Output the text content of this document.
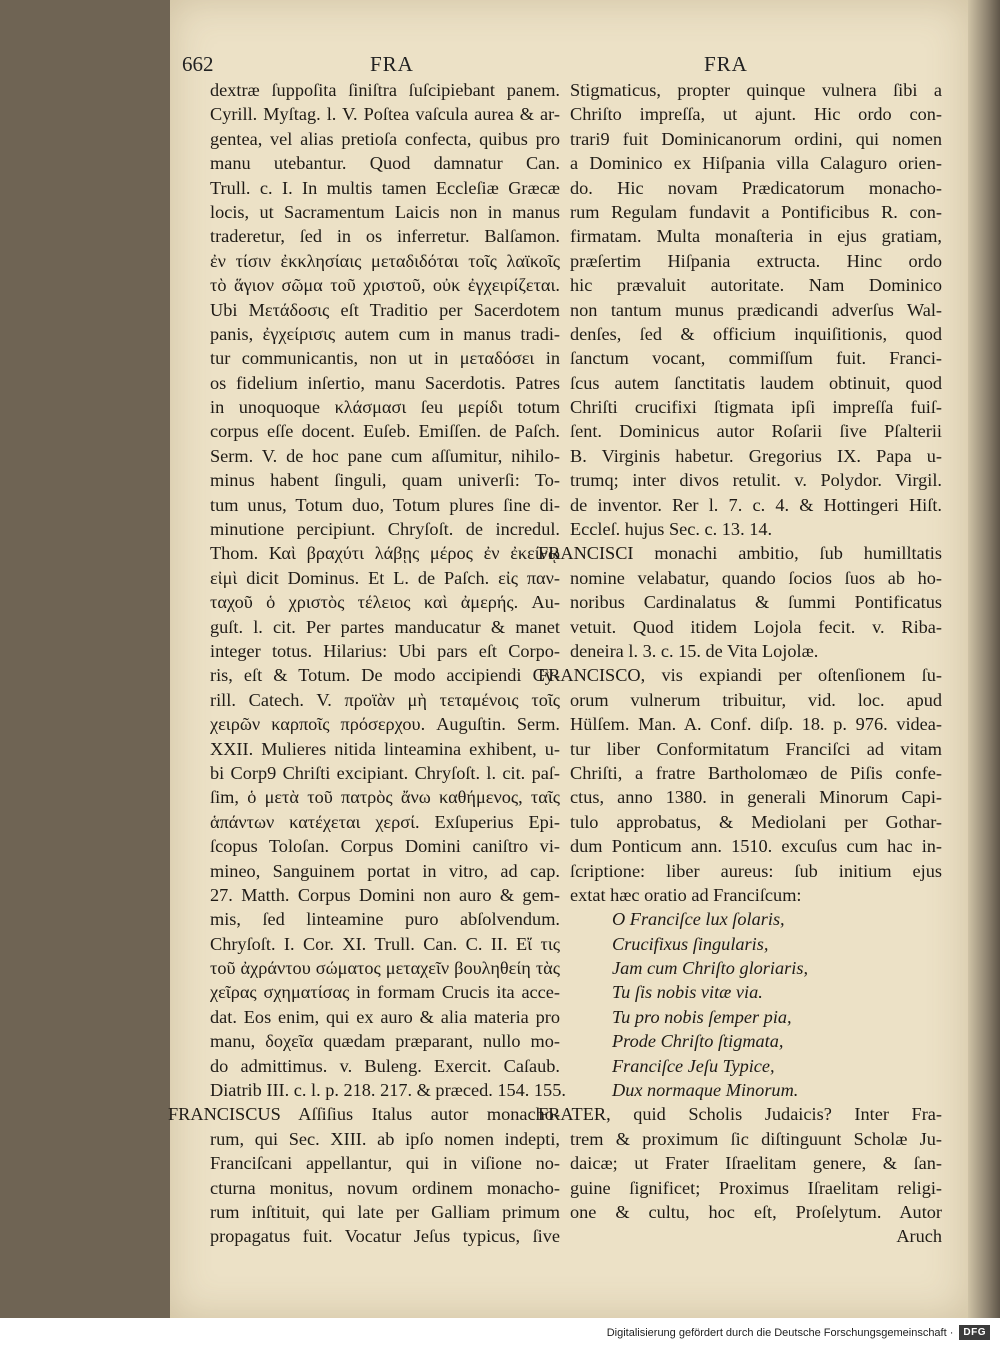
662	FRA	FRA
dextræ ſuppoſita ſiniſtra ſuſcipiebant panem.
Cyrill. Myſtag. l. V. Poſtea vaſcula aurea & ar-
gentea, vel alias pretioſa confecta, quibus pro
manu utebantur. Quod damnatur Can.
Trull. c. I. In multis tamen Eccleſiæ Græcæ
locis, ut Sacramentum Laicis non in manus
traderetur, ſed in os inferretur. Balſamon.
ἐν τίσιν ἐκκλησίαις μεταδιδόται τοῖς λαϊκοῖς
τὸ ἅγιον σῶμα τοῦ χριστοῦ, οὐκ ἐγχειρίζεται.
Ubi Μετάδοσις eſt Traditio per Sacerdotem
panis, ἐγχείρισις autem cum in manus tradi-
tur communicantis, non ut in μεταδόσει in
os fidelium inſertio, manu Sacerdotis. Patres
in unoquoque κλάσμασι ſeu μερίδι totum
corpus eſſe docent. Euſeb. Emiſſen. de Paſch.
Serm. V. de hoc pane cum aſſumitur, nihilo-
minus habent ſinguli, quam univerſi: To-
tum unus, Totum duo, Totum plures ſine di-
minutione percipiunt. Chryſoſt. de incredul.
Thom. Καὶ βραχύτι λάβῃς μέρος ἐν ἐκείνῳ
εἰμὶ dicit Dominus. Et L. de Paſch. εἰς παν-
ταχοῦ ὁ χριστὸς τέλειος καὶ ἀμερής. Au-
guſt. l. cit. Per partes manducatur & manet
integer totus. Hilarius: Ubi pars eſt Corpo-
ris, eſt & Totum. De modo accipiendi Cy-
rill. Catech. V. προϊὰν μὴ τεταμένοις τοῖς
χειρῶν καρποῖς πρόσερχου. Auguſtin. Serm.
XXII. Mulieres nitida linteamina exhibent, u-
bi Corp9 Chriſti excipiant. Chryſoſt. l. cit. paſ-
ſim, ὁ μετὰ τοῦ πατρὸς ἄνω καθήμενος, ταῖς
ἁπάντων κατέχεται χερσί. Exſuperius Epi-
ſcopus Toloſan. Corpus Domini caniſtro vi-
mineo, Sanguinem portat in vitro, ad cap.
27. Matth. Corpus Domini non auro & gem-
mis, ſed linteamine puro abſolvendum.
Chryſoſt. I. Cor. XI. Trull. Can. C. II. Εἴ τις
τοῦ ἀχράντου σώματος μεταχεῖν βουληθείη τὰς
χεῖρας σχηματίσας in formam Crucis ita acce-
dat. Eos enim, qui ex auro & alia materia pro
manu, δοχεῖα quædam præparant, nullo mo-
do admittimus. v. Buleng. Exercit. Caſaub.
Diatrib III. c. l. p. 218. 217. & præced. 154. 155.
FRANCISCUS Aſſiſius Italus autor monacho-
rum, qui Sec. XIII. ab ipſo nomen indepti,
Franciſcani appellantur, qui in viſione no-
cturna monitus, novum ordinem monacho-
rum inſtituit, qui late per Galliam primum
propagatus fuit. Vocatur Jeſus typicus, ſive
Stigmaticus, propter quinque vulnera ſibi a
Chriſto impreſſa, ut ajunt. Hic ordo con-
trari9 fuit Dominicanorum ordini, qui nomen
a Dominico ex Hiſpania villa Calaguro orien-
do. Hic novam Prædicatorum monacho-
rum Regulam fundavit a Pontificibus R. con-
firmatam. Multa monaſteria in ejus gratiam,
præſertim Hiſpania extructa. Hinc ordo
hic prævaluit autoritate. Nam Dominico
non tantum munus prædicandi adverſus Wal-
denſes, ſed & officium inquiſitionis, quod
ſanctum vocant, commiſſum fuit. Franci-
ſcus autem ſanctitatis laudem obtinuit, quod
Chriſti crucifixi ſtigmata ipſi impreſſa fuiſ-
ſent. Dominicus autor Roſarii ſive Pſalterii
B. Virginis habetur. Gregorius IX. Papa u-
trumq; inter divos retulit. v. Polydor. Virgil.
de inventor. Rer l. 7. c. 4. & Hottingeri Hiſt.
Eccleſ. hujus Sec. c. 13. 14.
FRANCISCI monachi ambitio, ſub humilltatis
nomine velabatur, quando ſocios ſuos ab ho-
noribus Cardinalatus & ſummi Pontificatus
vetuit. Quod itidem Lojola fecit. v. Riba-
deneira l. 3. c. 15. de Vita Lojolæ.
FRANCISCO, vis expiandi per oſtenſionem ſu-
orum vulnerum tribuitur, vid. loc. apud
Hülſem. Man. A. Conf. diſp. 18. p. 976. videa-
tur liber Conformitatum Franciſci ad vitam
Chriſti, a fratre Bartholomæo de Piſis confe-
ctus, anno 1380. in generali Minorum Capi-
tulo approbatus, & Mediolani per Gothar-
dum Ponticum ann. 1510. excuſus cum hac in-
ſcriptione: liber aureus: ſub initium ejus
extat hæc oratio ad Franciſcum:
O Franciſce lux ſolaris,
Crucifixus ſingularis,
Jam cum Chriſto gloriaris,
Tu ſis nobis vitæ via.
Tu pro nobis ſemper pia,
Prode Chriſto ſtigmata,
Franciſce Jeſu Typice,
Dux normaque Minorum.
FRATER, quid Scholis Judaicis? Inter Fra-
trem & proximum ſic diſtinguunt Scholæ Ju-
daicæ; ut Frater Iſraelitam genere, & ſan-
guine ſignificet; Proximus Iſraelitam religi-
one & cultu, hoc eſt, Proſelytum. Autor
Aruch
Digitalisierung gefördert durch die Deutsche Forschungsgemeinschaft ·	DFG
